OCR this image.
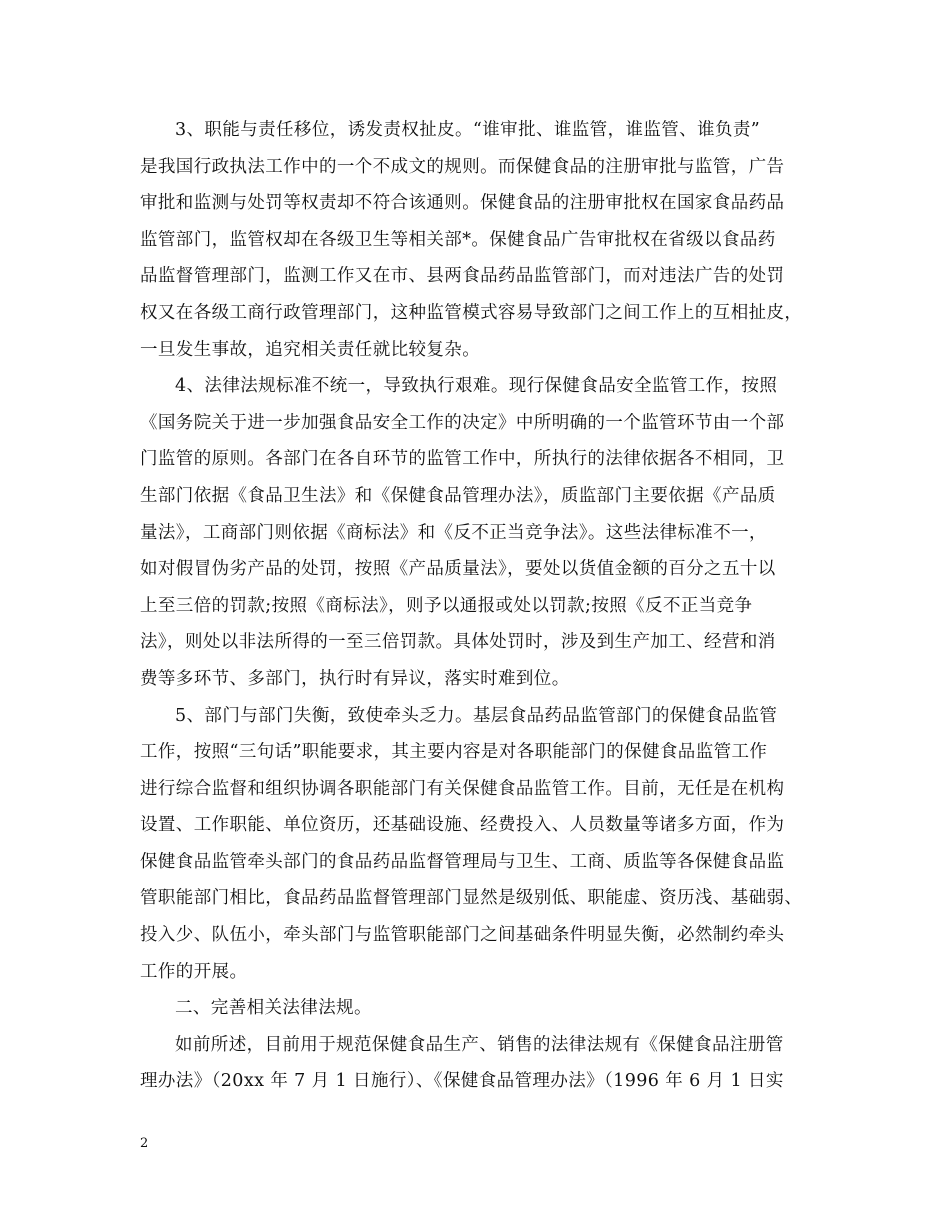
3、职能与责任移位，诱发责权扯皮。“谁审批、谁监管，谁监管、谁负责”
是我国行政执法工作中的一个不成文的规则。而保健食品的注册审批与监管，广告
审批和监测与处罚等权责却不符合该通则。保健食品的注册审批权在国家食品药品
监管部门，监管权却在各级卫生等相关部*。保健食品广告审批权在省级以食品药
品监督管理部门，监测工作又在市、县两食品药品监管部门，而对违法广告的处罚
权又在各级工商行政管理部门，这种监管模式容易导致部门之间工作上的互相扯皮，
一旦发生事故，追究相关责任就比较复杂。
4、法律法规标准不统一，导致执行艰难。现行保健食品安全监管工作，按照
《国务院关于进一步加强食品安全工作的决定》中所明确的一个监管环节由一个部
门监管的原则。各部门在各自环节的监管工作中，所执行的法律依据各不相同，卫
生部门依据《食品卫生法》和《保健食品管理办法》，质监部门主要依据《产品质
量法》，工商部门则依据《商标法》和《反不正当竞争法》。这些法律标准不一，
如对假冒伪劣产品的处罚，按照《产品质量法》，要处以货值金额的百分之五十以
上至三倍的罚款;按照《商标法》，则予以通报或处以罚款;按照《反不正当竞争
法》，则处以非法所得的一至三倍罚款。具体处罚时，涉及到生产加工、经营和消
费等多环节、多部门，执行时有异议，落实时难到位。
5、部门与部门失衡，致使牵头乏力。基层食品药品监管部门的保健食品监管
工作，按照“三句话”职能要求，其主要内容是对各职能部门的保健食品监管工作
进行综合监督和组织协调各职能部门有关保健食品监管工作。目前，无任是在机构
设置、工作职能、单位资历，还基础设施、经费投入、人员数量等诸多方面，作为
保健食品监管牵头部门的食品药品监督管理局与卫生、工商、质监等各保健食品监
管职能部门相比，食品药品监督管理部门显然是级别低、职能虚、资历浅、基础弱、
投入少、队伍小，牵头部门与监管职能部门之间基础条件明显失衡，必然制约牵头
工作的开展。
二、完善相关法律法规。
如前所述，目前用于规范保健食品生产、销售的法律法规有《保健食品注册管
理办法》（20xx 年 7 月 1 日施行）、《保健食品管理办法》（1996 年 6 月 1 日实
2
